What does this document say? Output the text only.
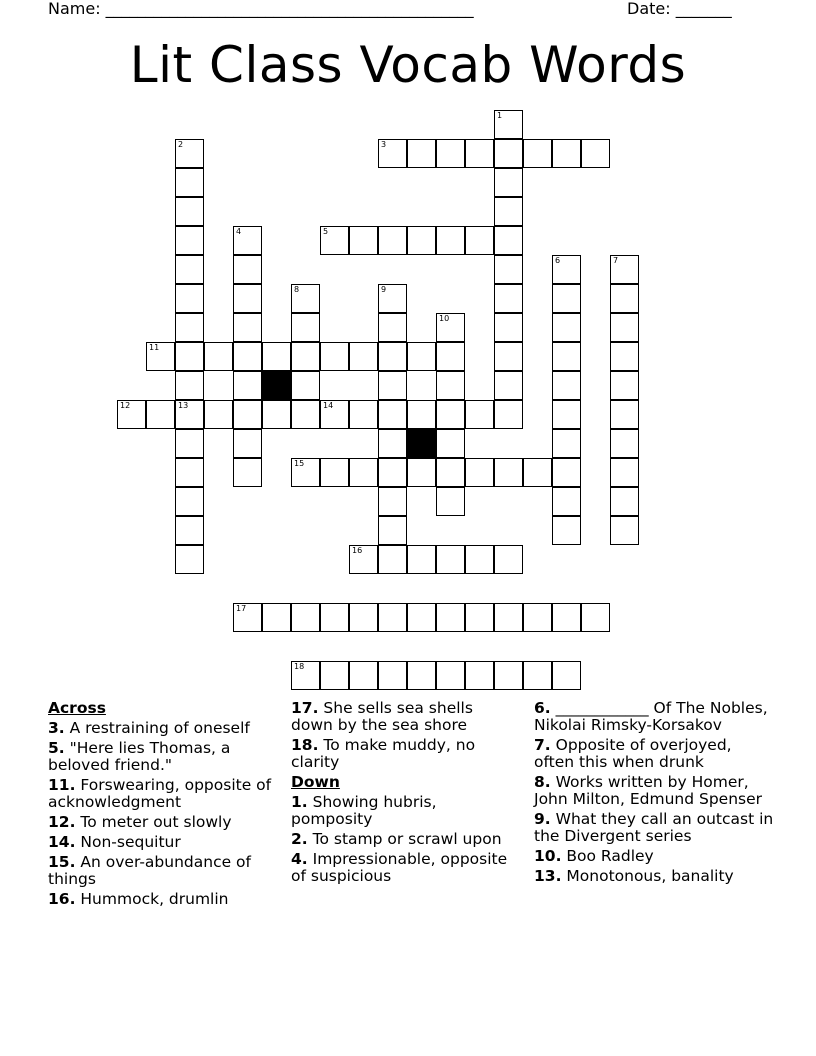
Name: ______________________________________________	Date: _______
Lit Class Vocab Words
3
5
11
12	13	14
15
16
17
18
1
2
4
6	7
8	9
10
Across
3. A restraining of oneself
5. "Here lies Thomas, a beloved friend."
11. Forswearing, opposite of acknowledgment
12. To meter out slowly
14. Non-sequitur
15. An over-abundance of things
16. Hummock, drumlin
17. She sells sea shells down by the sea shore
18. To make muddy, no clarity
Down
1. Showing hubris, pomposity
2. To stamp or scrawl upon
4. Impressionable, opposite of suspicious
6. ____________ Of The Nobles, Nikolai Rimsky-Korsakov
7. Opposite of overjoyed, often this when drunk
8. Works written by Homer, John Milton, Edmund Spenser
9. What they call an outcast in the Divergent series
10. Boo Radley
13. Monotonous, banality
